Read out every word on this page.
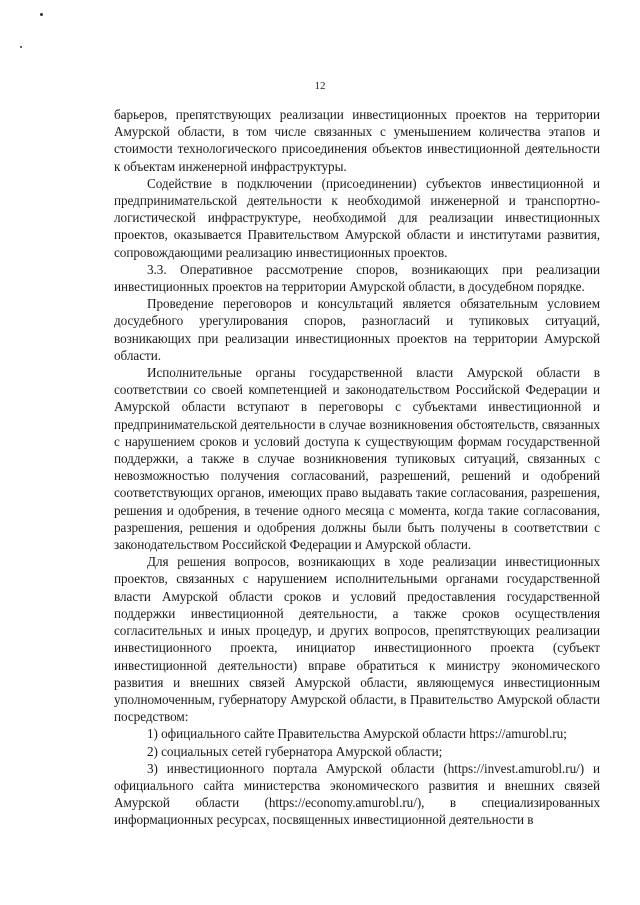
12

барьеров, препятствующих реализации инвестиционных проектов на территории Амурской области, в том числе связанных с уменьшением количества этапов и стоимости технологического присоединения объектов инвестиционной деятельности к объектам инженерной инфраструктуры.

Содействие в подключении (присоединении) субъектов инвестиционной и предпринимательской деятельности к необходимой инженерной и транспортно-логистической инфраструктуре, необходимой для реализации инвестиционных проектов, оказывается Правительством Амурской области и институтами развития, сопровождающими реализацию инвестиционных проектов.

3.3. Оперативное рассмотрение споров, возникающих при реализации инвестиционных проектов на территории Амурской области, в досудебном порядке.

Проведение переговоров и консультаций является обязательным условием досудебного урегулирования споров, разногласий и тупиковых ситуаций, возникающих при реализации инвестиционных проектов на территории Амурской области.

Исполнительные органы государственной власти Амурской области в соответствии со своей компетенцией и законодательством Российской Федерации и Амурской области вступают в переговоры с субъектами инвестиционной и предпринимательской деятельности в случае возникновения обстоятельств, связанных с нарушением сроков и условий доступа к существующим формам государственной поддержки, а также в случае возникновения тупиковых ситуаций, связанных с невозможностью получения согласований, разрешений, решений и одобрений соответствующих органов, имеющих право выдавать такие согласования, разрешения, решения и одобрения, в течение одного месяца с момента, когда такие согласования, разрешения, решения и одобрения должны были быть получены в соответствии с законодательством Российской Федерации и Амурской области.

Для решения вопросов, возникающих в ходе реализации инвестиционных проектов, связанных с нарушением исполнительными органами государственной власти Амурской области сроков и условий предоставления государственной поддержки инвестиционной деятельности, а также сроков осуществления согласительных и иных процедур, и других вопросов, препятствующих реализации инвестиционного проекта, инициатор инвестиционного проекта (субъект инвестиционной деятельности) вправе обратиться к министру экономического развития и внешних связей Амурской области, являющемуся инвестиционным уполномоченным, губернатору Амурской области, в Правительство Амурской области посредством:

1) официального сайте Правительства Амурской области https://amurobl.ru;

2) социальных сетей губернатора Амурской области;

3) инвестиционного портала Амурской области (https://invest.amurobl.ru/) и официального сайта министерства экономического развития и внешних связей Амурской области (https://economy.amurobl.ru/), в специализированных информационных ресурсах, посвященных инвестиционной деятельности в
